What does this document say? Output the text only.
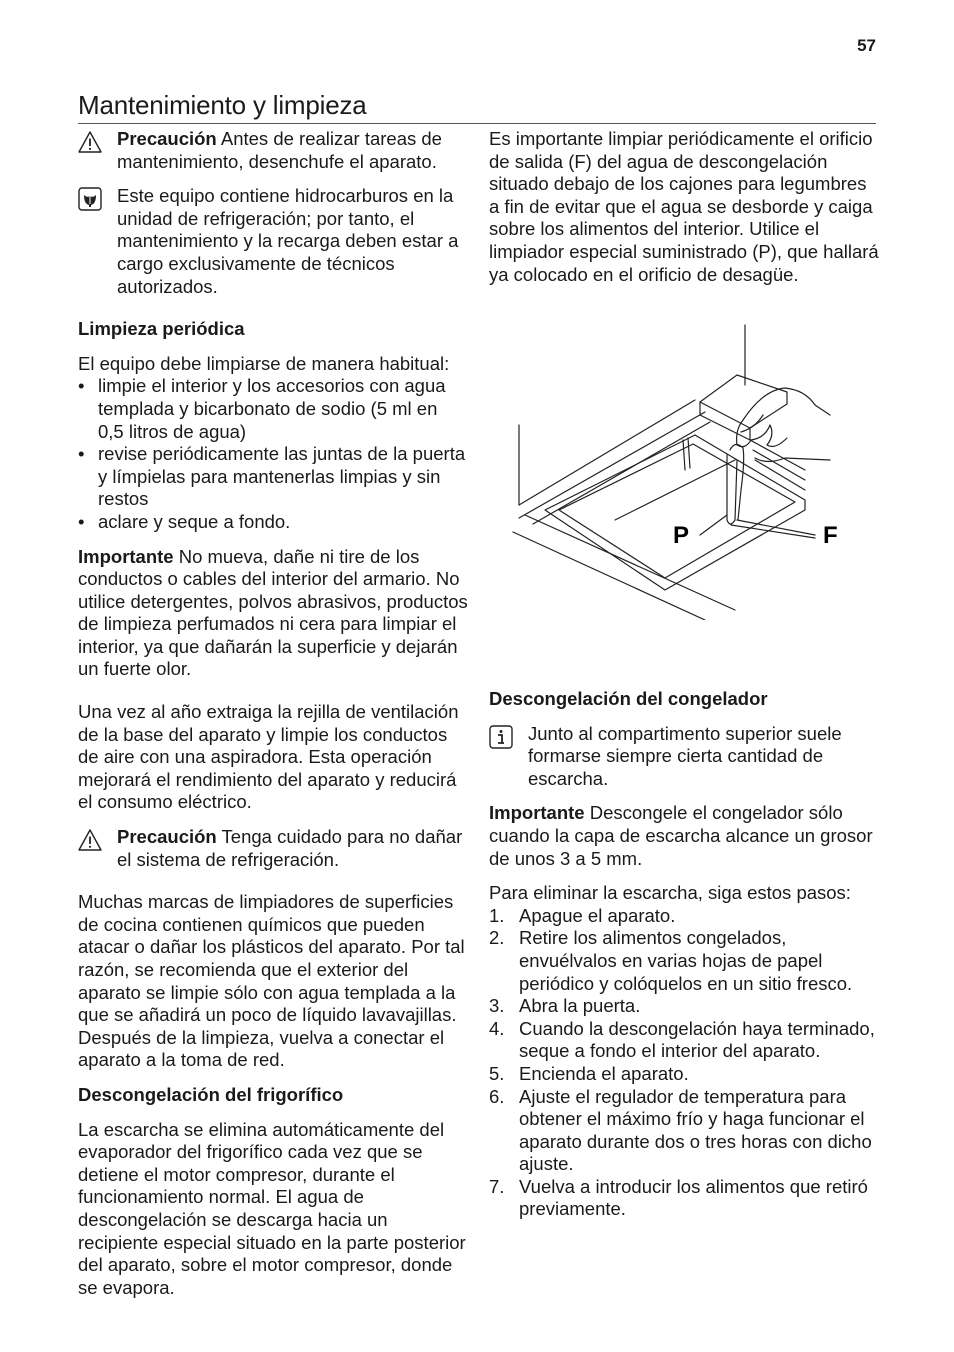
57
Mantenimiento y limpieza

Precaución Antes de realizar tareas de mantenimiento, desenchufe el aparato.

Este equipo contiene hidrocarburos en la unidad de refrigeración; por tanto, el mantenimiento y la recarga deben estar a cargo exclusivamente de técnicos autorizados.

Limpieza periódica

El equipo debe limpiarse de manera habitual:

• limpie el interior y los accesorios con agua templada y bicarbonato de sodio (5 ml en 0,5 litros de agua)
• revise periódicamente las juntas de la puerta y límpielas para mantenerlas limpias y sin restos
• aclare y seque a fondo.

Importante No mueva, dañe ni tire de los conductos o cables del interior del armario. No utilice detergentes, polvos abrasivos, productos de limpieza perfumados ni cera para limpiar el interior, ya que dañarán la superficie y dejarán un fuerte olor.

Una vez al año extraiga la rejilla de ventilación de la base del aparato y limpie los conductos de aire con una aspiradora. Esta operación mejorará el rendimiento del aparato y reducirá el consumo eléctrico.

Precaución Tenga cuidado para no dañar el sistema de refrigeración.

Muchas marcas de limpiadores de superficies de cocina contienen químicos que pueden atacar o dañar los plásticos del aparato. Por tal razón, se recomienda que el exterior del aparato se limpie sólo con agua templada a la que se añadirá un poco de líquido lavavajillas.

Después de la limpieza, vuelva a conectar el aparato a la toma de red.

Descongelación del frigorífico

La escarcha se elimina automáticamente del evaporador del frigorífico cada vez que se detiene el motor compresor, durante el funcionamiento normal. El agua de descongelación se descarga hacia un recipiente especial situado en la parte posterior del aparato, sobre el motor compresor, donde se evapora.

Es importante limpiar periódicamente el orificio de salida (F) del agua de descongelación situado debajo de los cajones para legumbres a fin de evitar que el agua se desborde y caiga sobre los alimentos del interior. Utilice el limpiador especial suministrado (P), que hallará ya colocado en el orificio de desagüe.

P	F
Descongelación del congelador

Junto al compartimento superior suele formarse siempre cierta cantidad de escarcha.

Importante Descongele el congelador sólo cuando la capa de escarcha alcance un grosor de unos 3 a 5 mm.

Para eliminar la escarcha, siga estos pasos:

1. Apague el aparato.
2. Retire los alimentos congelados, envuélvalos en varias hojas de papel periódico y colóquelos en un sitio fresco.
3. Abra la puerta.
4. Cuando la descongelación haya terminado, seque a fondo el interior del aparato.
5. Encienda el aparato.
6. Ajuste el regulador de temperatura para obtener el máximo frío y haga funcionar el aparato durante dos o tres horas con dicho ajuste.
7. Vuelva a introducir los alimentos que retiró previamente.
